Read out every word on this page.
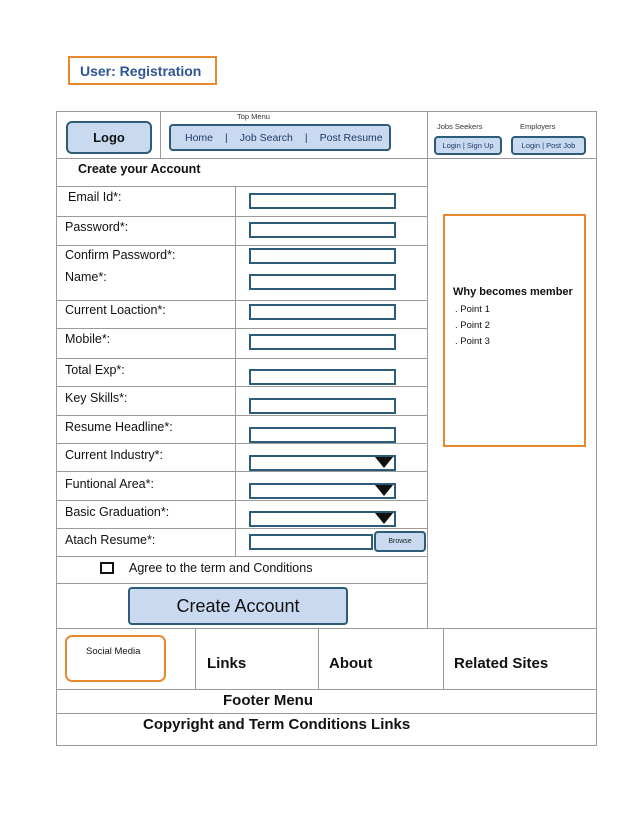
User: Registration
Logo
Top Menu
Home | Job Search | Post Resume
Jobs Seekers	Employers
Login | Sign Up	Login | Post Job
Create your Account
Email Id*:
Password*:
Confirm Password*:
Name*:
Current Loaction*:
Mobile*:
Total Exp*:
Key Skills*:
Resume Headline*:
Current Industry*:
Funtional Area*:
Basic Graduation*:
Atach Resume*:	Browse
Agree to the term and Conditions
Create Account
Why becomes member
. Point 1
. Point 2
. Point 3
Social Media
Links	About	Related Sites
Footer Menu
Copyright and Term Conditions Links
